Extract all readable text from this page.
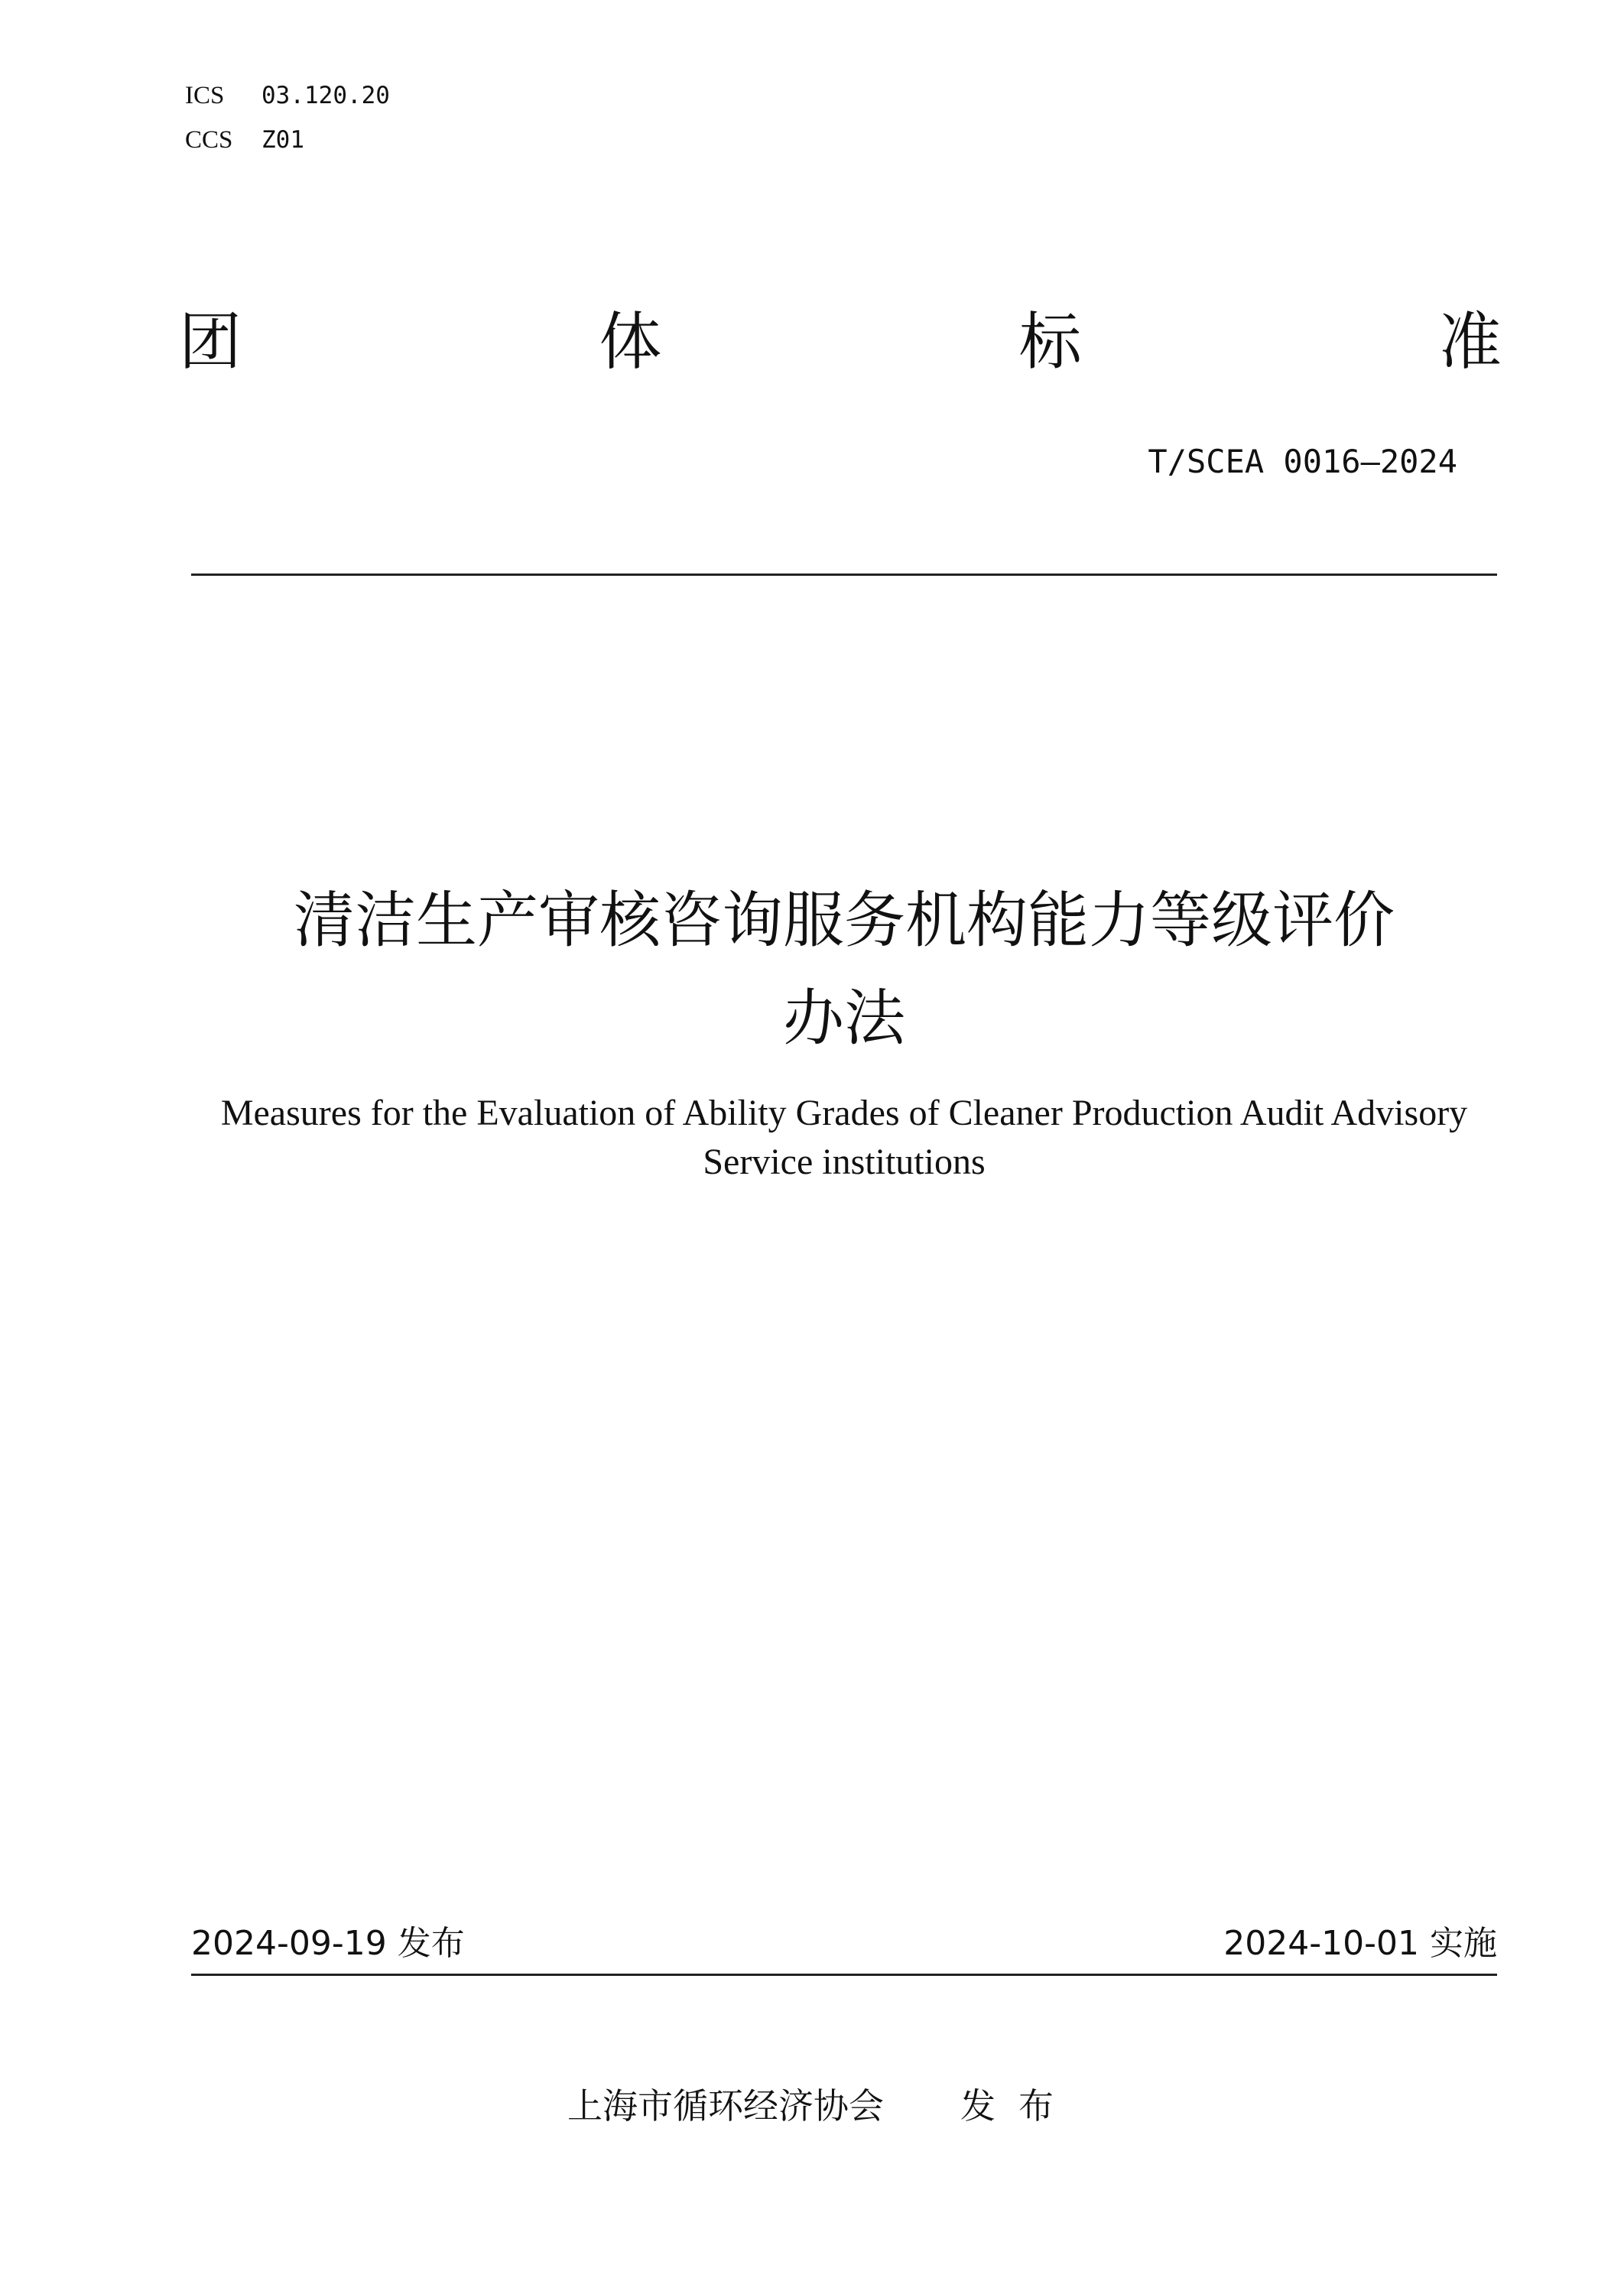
ICS	03.120.20
CCS	Z01
团	体	标	准
T/SCEA 0016—2024
清洁生产审核咨询服务机构能力等级评价
办法
Measures for the Evaluation of Ability Grades of Cleaner Production Audit Advisory
Service institutions
2024-09-19 发布	2024-10-01 实施
上海市循环经济协会 发布
